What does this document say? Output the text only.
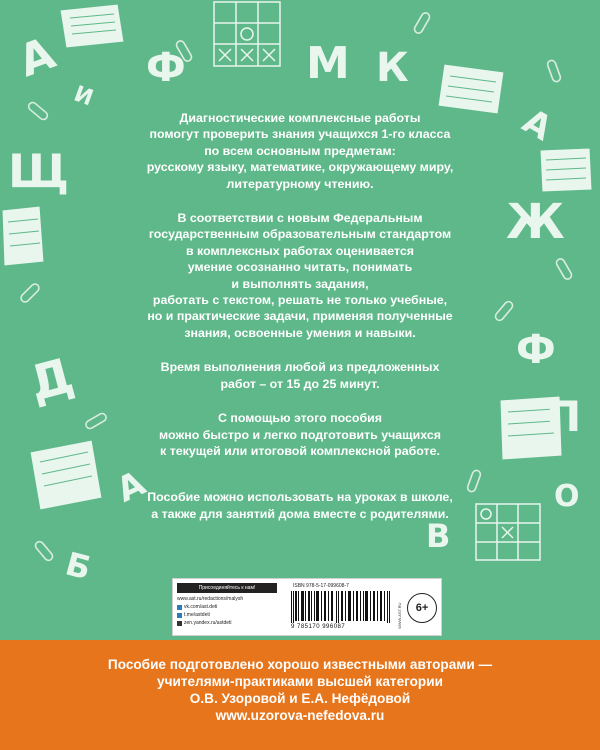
А Ф	М К
И
Щ
А
Ж
Ф
Д
П
О
А
В
Б

Диагностические комплексные работы
помогут проверить знания учащихся 1-го класса
по всем основным предметам:
русскому языку, математике, окружающему миру,
литературному чтению.

В соответствии с новым Федеральным
государственным образовательным стандартом
в комплексных работах оценивается
умение осознанно читать, понимать
и выполнять задания,
работать с текстом, решать не только учебные,
но и практические задачи, применяя полученные
знания, освоенные умения и навыки.

Время выполнения любой из предложенных
работ – от 15 до 25 минут.

С помощью этого пособия
можно быстро и легко подготовить учащихся
к текущей или итоговой комплексной работе.

Пособие можно использовать на уроках в школе,
а также для занятий дома вместе с родителями.

Присоединяйтесь к нам!
www.ast.ru/redactions/malysh
vk.com/ast.deti
t.me/astdeti
zen.yandex.ru/astdeti
ISBN 978-5-17-099608-7
9 785170 996087	WWW.AST.RU	6+
Пособие подготовлено хорошо известными авторами —
учителями-практиками высшей категории
О.В. Узоровой и Е.А. Нефёдовой
www.uzorova-nefedova.ru
